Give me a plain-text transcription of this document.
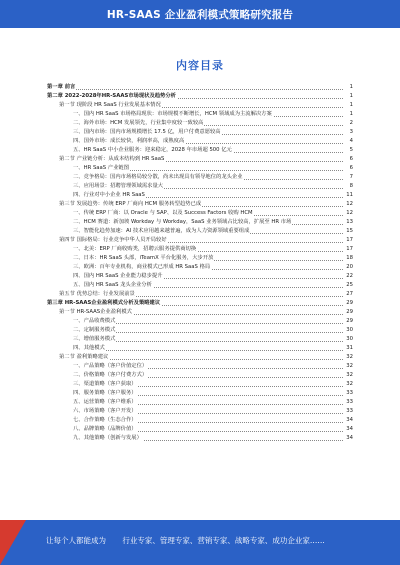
HR-SAAS 企业盈利模式策略研究报告
内容目录
第一章 前言	1
第二章 2022-2028年HR-SAAS市场现状及趋势分析	1
第一节 现阶段 HR SaaS 行业发展基本情况	1
一、国内 HR SaaS 市场格局现状：市场规模不断增长，HCM 领域成为主流解决方案	1
二、海外市场：HCM 发展领先，行业集中度较一致较高	2
三、国内市场：国内市场规模增长 17.5 亿，用户付费意愿较高	3
四、国外市场：成长较快，利润率高，成熟度高	4
五、HR SaaS 中小企业服务：迎来稳定，2028 年市场超 500 亿元	5
第二节 产业链分析：从成本结构到 HR SaaS	6
一、HR SaaS 产业链图	6
二、竞争格局：国内市场格局较分散，尚未出现具有领导地位的龙头企业	7
三、应用场景：招聘管理领域需求量大	8
四、行业对中小企业 HR SaaS	11
第三节 发展趋势：传统 ERP 厂商向 HCM 服务转型趋势已成	12
一、传统 ERP 厂商：以 Oracle 与 SAP、以及 Success Factors 收购 HCM	12
二、HCM 赛道：新加坡 Workday 与 Workday，SaaS 业务领域占比较高，扩展至 HR 市场	13
三、智能化趋势加速：AI 技术应用越来越普遍，成为人力资源领域重要组成	15
第四节 国际格局：行业竞争中华人员开局较好	17
一、北美：ERP 厂商收购类，招聘云服务提供商切换	17
二、日本：HR SaaS 头部，iTeamX 平台化服务，大步开放	18
三、欧洲：百年专业机构，商业模式已形成 HR SaaS 格局	20
四、国内 HR SaaS 企业能力稳步提升	22
五、国内 HR SaaS 龙头企业分析	25
第五节 优势总结：行业发展前景	27
第三章 HR-SAAS企业盈利模式分析及策略建议	29
第一节 HR-SAAS企业盈利模式	29
一、产品收费模式	29
二、定制服务模式	30
三、增值服务模式	30
四、其他模式	31
第二节 盈利策略建议	32
一、产品策略（客户价值定位）	32
二、价格策略（客户付费方式）	32
三、渠道策略（客户获取）	32
四、服务策略（客户服务）	33
五、运营策略（客户维系）	33
六、市场策略（客户开发）	33
七、合作策略（生态合作）	34
八、品牌策略（品牌价值）	34
九、其他策略（创新与发展）	34
让每个人都能成为 行业专家、管理专家、营销专家、战略专家、成功企业家……
